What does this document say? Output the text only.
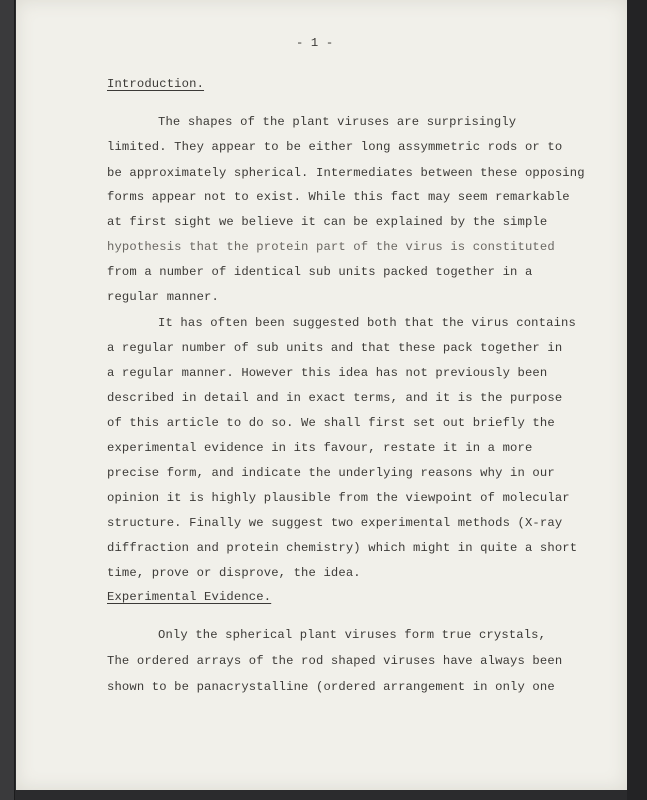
- 1 -
Introduction.
The shapes of the plant viruses are surprisingly
limited. They appear to be either long assymmetric rods or to
be approximately spherical. Intermediates between these opposing
forms appear not to exist. While this fact may seem remarkable
at first sight we believe it can be explained by the simple
hypothesis that the protein part of the virus is constituted
from a number of identical sub units packed together in a
regular manner.
It has often been suggested both that the virus contains
a regular number of sub units and that these pack together in
a regular manner. However this idea has not previously been
described in detail and in exact terms, and it is the purpose
of this article to do so. We shall first set out briefly the
experimental evidence in its favour, restate it in a more
precise form, and indicate the underlying reasons why in our
opinion it is highly plausible from the viewpoint of molecular
structure. Finally we suggest two experimental methods (X-ray
diffraction and protein chemistry) which might in quite a short
time, prove or disprove, the idea.
Experimental Evidence.
Only the spherical plant viruses form true crystals,
The ordered arrays of the rod shaped viruses have always been
shown to be panacrystalline (ordered arrangement in only one
